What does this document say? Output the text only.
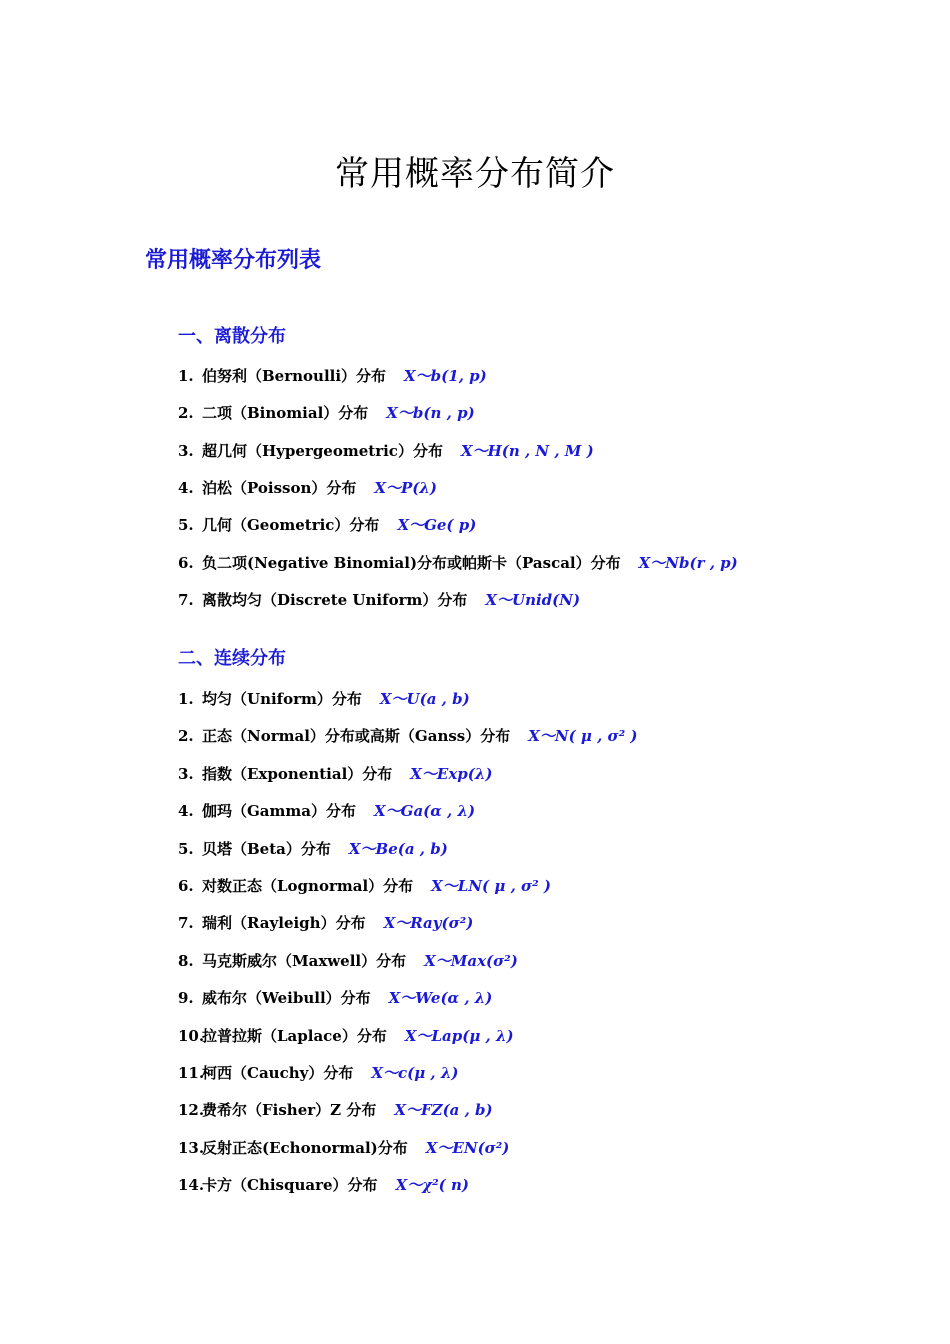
常用概率分布简介
常用概率分布列表
一、离散分布
1. 伯努利（Bernoulli）分布 X～b(1, p)
2. 二项（Binomial）分布 X～b(n , p)
3. 超几何（Hypergeometric）分布 X～H(n , N , M )
4. 泊松（Poisson）分布 X～P(λ)
5. 几何（Geometric）分布 X～Ge( p)
6. 负二项(Negative Binomial)分布或帕斯卡（Pascal）分布 X～Nb(r , p)
7. 离散均匀（Discrete Uniform）分布 X～Unid(N)
二、连续分布
1. 均匀（Uniform）分布 X～U(a , b)
2. 正态（Normal）分布或高斯（Ganss）分布 X～N( μ , σ² )
3. 指数（Exponential）分布 X～Exp(λ)
4. 伽玛（Gamma）分布 X～Ga(α , λ)
5. 贝塔（Beta）分布 X～Be(a , b)
6. 对数正态（Lognormal）分布 X～LN( μ , σ² )
7. 瑞利（Rayleigh）分布 X～Ray(σ²)
8. 马克斯威尔（Maxwell）分布 X～Max(σ²)
9. 威布尔（Weibull）分布 X～We(α , λ)
10.拉普拉斯（Laplace）分布 X～Lap(μ , λ)
11.柯西（Cauchy）分布 X～c(μ , λ)
12.费希尔（Fisher）Z 分布 X～FZ(a , b)
13.反射正态(Echonormal)分布 X～EN(σ²)
14.卡方（Chisquare）分布 X～χ²( n)
